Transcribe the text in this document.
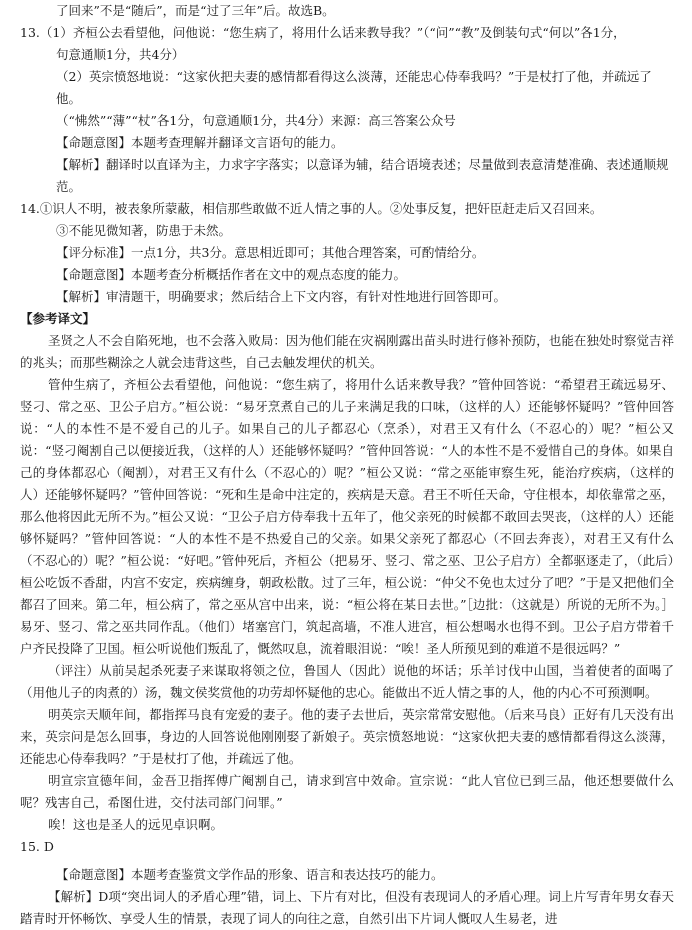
了回来”不是“随后”，而是“过了三年”后。故选B。

13.（1）齐桓公去看望他，问他说：“您生病了，将用什么话来教导我？”（“问”“教”及倒装句式“何以”各1分，

句意通顺1分，共4分）

（2）英宗愤怒地说：“这家伙把夫妻的感情都看得这么淡薄，还能忠心侍奉我吗？”于是杖打了他，并疏远了他。

（“怫然”“薄”“杖”各1分，句意通顺1分，共4分）来源：高三答案公众号

【命题意图】本题考查理解并翻译文言语句的能力。

【解析】翻译时以直译为主，力求字字落实；以意译为辅，结合语境表述；尽量做到表意清楚准确、表述通顺规

范。

14.①识人不明，被表象所蒙蔽，相信那些敢做不近人情之事的人。②处事反复，把奸臣赶走后又召回来。

③不能见微知著，防患于未然。

【评分标准】一点1分，共3分。意思相近即可；其他合理答案，可酌情给分。

【命题意图】本题考查分析概括作者在文中的观点态度的能力。

【解析】审清题干，明确要求；然后结合上下文内容，有针对性地进行回答即可。

【参考译文】

圣贤之人不会自陷死地，也不会落入败局：因为他们能在灾祸刚露出苗头时进行修补预防，也能在独处时察觉吉祥的兆头；而那些糊涂之人就会违背这些，自己去触发埋伏的机关。

管仲生病了，齐桓公去看望他，问他说：“您生病了，将用什么话来教导我？”管仲回答说：“希望君王疏远易牙、竖刁、常之巫、卫公子启方。”桓公说：“易牙烹煮自己的儿子来满足我的口味，（这样的人）还能够怀疑吗？”管仲回答说：“人的本性不是不爱自己的儿子。如果自己的儿子都忍心（烹杀），对君王又有什么（不忍心的）呢？”桓公又说：“竖刁阉割自己以便接近我，（这样的人）还能够怀疑吗？”管仲回答说：“人的本性不是不爱惜自己的身体。如果自己的身体都忍心（阉割），对君王又有什么（不忍心的）呢？”桓公又说：“常之巫能审察生死，能治疗疾病，（这样的人）还能够怀疑吗？”管仲回答说：“死和生是命中注定的，疾病是天意。君王不听任天命，守住根本，却依靠常之巫，那么他将因此无所不为。”桓公又说：“卫公子启方侍奉我十五年了，他父亲死的时候都不敢回去哭丧，（这样的人）还能够怀疑吗？”管仲回答说：“人的本性不是不热爱自己的父亲。如果父亲死了都忍心（不回去奔丧），对君王又有什么（不忍心的）呢？”桓公说：“好吧。”管仲死后，齐桓公（把易牙、竖刁、常之巫、卫公子启方）全都驱逐走了，（此后）桓公吃饭不香甜，内宫不安定，疾病缠身，朝政松散。过了三年，桓公说：“仲父不免也太过分了吧？”于是又把他们全都召了回来。第二年，桓公病了，常之巫从宫中出来，说：“桓公将在某日去世。”［边批：（这就是）所说的无所不为。］易牙、竖刁、常之巫共同作乱。（他们）堵塞宫门，筑起高墙，不准人进宫，桓公想喝水也得不到。卫公子启方带着千户齐民投降了卫国。桓公听说他们叛乱了，慨然叹息，流着眼泪说：“唉！圣人所预见到的难道不是很远吗？”

（评注）从前吴起杀死妻子来谋取将领之位，鲁国人（因此）说他的坏话；乐羊讨伐中山国，当着使者的面喝了（用他儿子的肉煮的）汤，魏文侯奖赏他的功劳却怀疑他的忠心。能做出不近人情之事的人，他的内心不可预测啊。

明英宗天顺年间，都指挥马良有宠爱的妻子。他的妻子去世后，英宗常常安慰他。（后来马良）正好有几天没有出来，英宗问是怎么回事，身边的人回答说他刚刚娶了新娘子。英宗愤怒地说：“这家伙把夫妻的感情都看得这么淡薄，还能忠心侍奉我吗？”于是杖打了他，并疏远了他。

明宣宗宣德年间，金吾卫指挥傅广阉割自己，请求到宫中效命。宣宗说：“此人官位已到三品，他还想要做什么呢？残害自己，希图仕进，交付法司部门问罪。”

唉！这也是圣人的远见卓识啊。

15. D

【命题意图】本题考查鉴赏文学作品的形象、语言和表达技巧的能力。

【解析】D项“突出词人的矛盾心理”错，词上、下片有对比，但没有表现词人的矛盾心理。词上片写青年男女春天踏青时开怀畅饮、享受人生的情景，表现了词人的向往之意，自然引出下片词人慨叹人生易老，进
